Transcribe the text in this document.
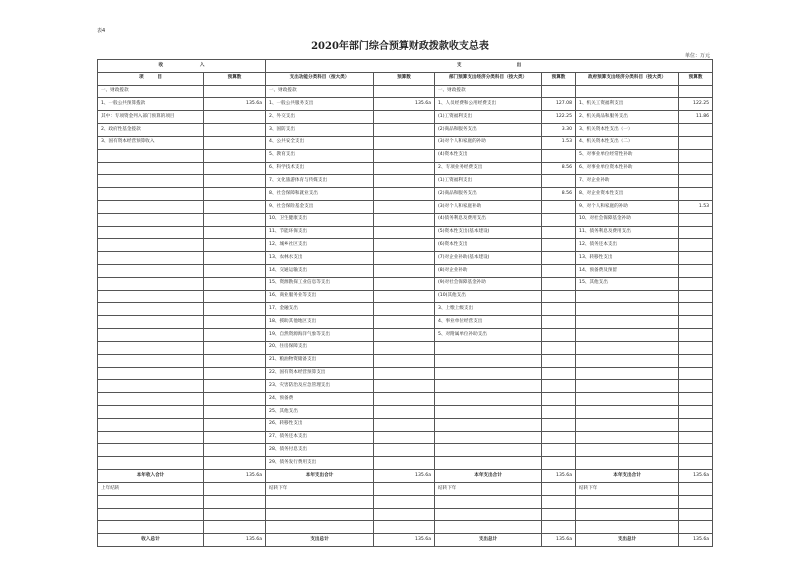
表4
2020年部门综合预算财政拨款收支总表
单位：万元
收　　　　　　　　入		支　　　　　　　　　　　　出					
项　　　目	预算数	支出功能分类科目（按大类）	预算数	部门预算支出经济分类科目（按大类）	预算数	政府预算支出经济分类科目（按大类）	预算数
一、财政拨款		一、财政拨款		一、财政拨款			
1、一般公共预算拨款	135.6a	1、一般公共服务支出	135.6a	1、人员经费和公用经费支出	127.08	1、机关工资福利支出	122.25
其中：专项资金列入部门预算的项目		2、外交支出		(1)工资福利支出	122.25	2、机关商品和服务支出	11.86
2、政府性基金拨款		3、国防支出		(2)商品和服务支出	3.30	3、机关资本性支出（一）	
3、国有资本经营预算收入		4、公共安全支出		(3)对个人和家庭的补助	1.53	4、机关资本性支出（二）	
		5、教育支出		(4)资本性支出		5、对事业单位经常性补助	
		6、科学技术支出		2、专项业务经费支出	8.56	6、对事业单位资本性补助	
		7、文化旅游体育与传媒支出		(1)工资福利支出		7、对企业补助	
		8、社会保障和就业支出		(2)商品和服务支出	8.56	8、对企业资本性支出	
		9、社会保险基金支出		(3)对个人和家庭补助		9、对个人和家庭的补助	1.53
		10、卫生健康支出		(4)债务利息及费用支出		10、对社会保障基金补助	
		11、节能环保支出		(5)资本性支出(基本建设)		11、债务利息及费用支出	
		12、城乡社区支出		(6)资本性支出		12、债务还本支出	
		13、农林水支出		(7)对企业补助(基本建设)		13、转移性支出	
		14、交通运输支出		(8)对企业补助		14、预备费及预留	
		15、资源勘探工业信息等支出		(9)对社会保障基金补助		15、其他支出	
		16、商业服务业等支出		(10)其他支出			
		17、金融支出		3、上缴上级支出			
		18、援助其他地区支出		4、事业单位经营支出			
		19、自然资源海洋气象等支出		5、对附属单位补助支出			
		20、住房保障支出					
		21、粮油物资储备支出					
		22、国有资本经营预算支出					
		23、灾害防治及应急管理支出					
		24、预备费					
		25、其他支出					
		26、转移性支出					
		27、债务还本支出					
		28、债务付息支出					
		29、债务发行费用支出					
本年收入合计	135.6a	本年支出合计	135.6a	本年支出合计	135.6a	本年支出合计	135.6a
上年结转		结转下年		结转下年		结转下年	

收入总计	135.6a	支出总计	135.6a	支出总计	135.6a	支出总计	135.6a
